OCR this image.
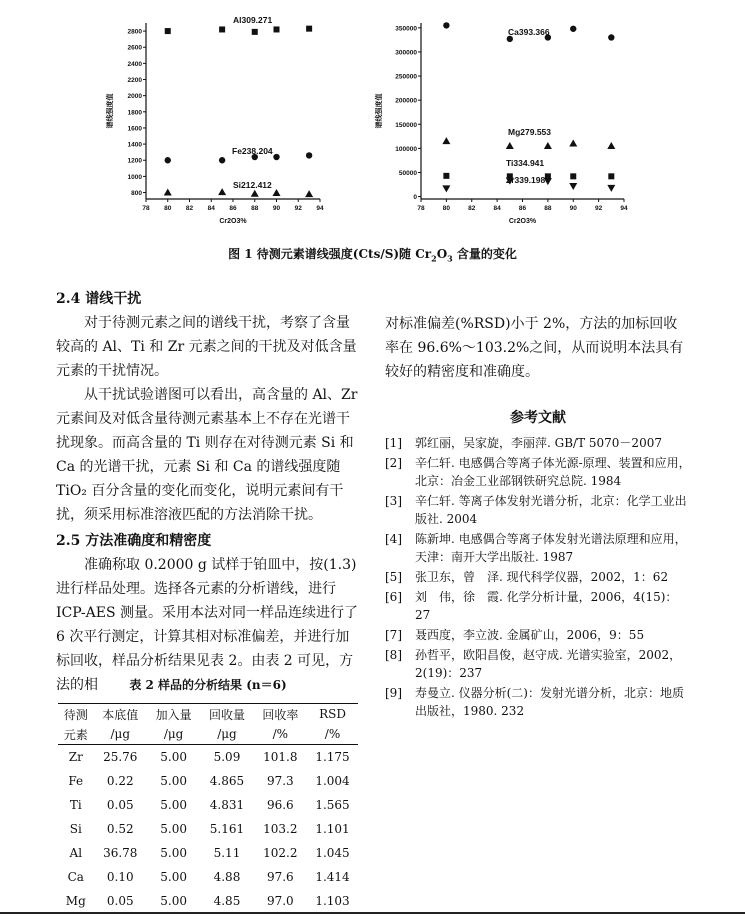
800
1000
1200
1400
1600
1800
2000
2200
2400
2600
2800
78 80 82 84 86 88 90 92 94
Cr2O3%
谱线强度值
Al309.271
Fe238.204
Si212.412
0
50000
100000
150000
200000
250000
300000
350000
78	80	82	84	86	88	90	92	94
Cr2O3%
谱线强度值
Ca393.366
Mg279.553
Ti334.941
Zr339.198
图 1 待测元素谱线强度(Cts/S)随 $Cr_2O_3$ 含量的变化
2.4 谱线干扰

对于待测元素之间的谱线干扰，考察了含量较高的 Al、Ti 和 Zr 元素之间的干扰及对低含量元素的干扰情况。

从干扰试验谱图可以看出，高含量的 Al、Zr 元素间及对低含量待测元素基本上不存在光谱干扰现象。而高含量的 Ti 则存在对待测元素 Si 和 Ca 的光谱干扰，元素 Si 和 Ca 的谱线强度随 TiO₂ 百分含量的变化而变化，说明元素间有干扰，须采用标准溶液匹配的方法消除干扰。

2.5 方法准确度和精密度

准确称取 0.2000 g 试样于铂皿中，按(1.3)进行样品处理。选择各元素的分析谱线，进行 ICP-AES 测量。采用本法对同一样品连续进行了 6 次平行测定，计算其相对标准偏差，并进行加标回收，样品分析结果见表 2。由表 2 可见，方法的相	表 2 样品的分析结果 (n＝6)
待测	本底值	加入量	回收量	回收率	RSD
元素	/μg	/μg	/μg	/%	/%
Zr	25.76	5.00	5.09	101.8	1.175
Fe	0.22	5.00	4.865	97.3	1.004
Ti	0.05	5.00	4.831	96.6	1.565
Si	0.52	5.00	5.161	103.2	1.101
Al	36.78	5.00	5.11	102.2	1.045
Ca	0.10	5.00	4.88	97.6	1.414
Mg	0.05	5.00	4.85	97.0	1.103

对标准偏差(%RSD)小于 2%，方法的加标回收率在 96.6%～103.2%之间，从而说明本法具有较好的精密度和准确度。

参考文献
[1]	郭红丽，吴家旋，李丽萍. GB/T 5070－2007
[2]	辛仁轩. 电感偶合等离子体光源-原理、装置和应用，北京：冶金工业部钢铁研究总院. 1984
[3]	辛仁轩. 等离子体发射光谱分析，北京：化学工业出版社. 2004
[4]	陈新坤. 电感偶合等离子体发射光谱法原理和应用，天津：南开大学出版社. 1987
[5]	张卫东，曾　泽. 现代科学仪器，2002，1：62
[6]	刘　伟，徐　霞. 化学分析计量，2006，4(15)：27
[7]	聂西度，李立波. 金属矿山，2006，9：55
[8]	孙哲平，欧阳昌俊，赵守成. 光谱实验室，2002，2(19)：237
[9]	寿曼立. 仪器分析(二)：发射光谱分析，北京：地质出版社，1980. 232
